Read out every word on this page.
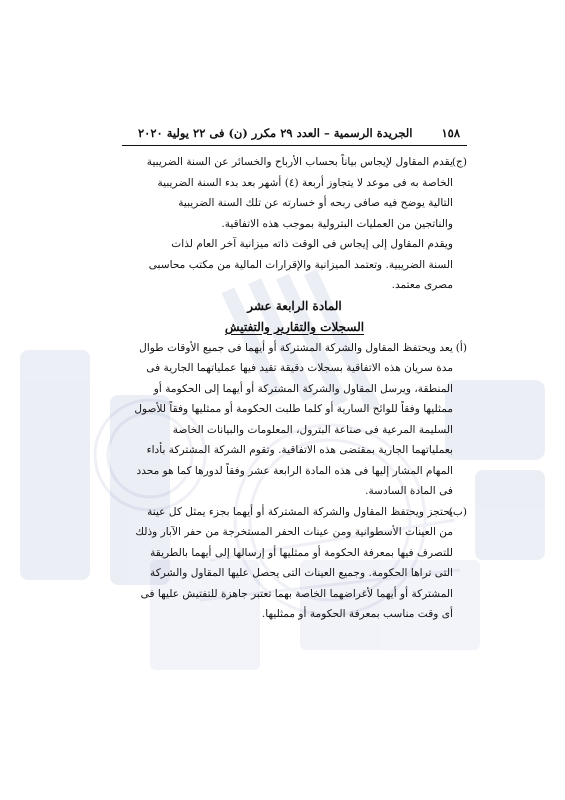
١٥٨
الجريدة الرسمية – العدد ٢٩ مكرر (ن) فى ٢٢ يولية ٢٠٢٠
(ج)
يقدم المقاول لإيجاس بياناً بحساب الأرباح والخسائر عن السنة الضريبية
الخاصة به فى موعد لا يتجاوز أربعة (٤) أشهر بعد بدء السنة الضريبية
التالية يوضح فيه صافى ربحه أو خسارته عن تلك السنة الضريبية
والناتجين من العمليات البترولية بموجب هذه الاتفاقية.
ويقدم المقاول إلى إيجاس فى الوقت ذاته ميزانية آخر العام لذات
السنة الضريبية. وتعتمد الميزانية والإقرارات المالية من مكتب محاسبى
مصرى معتمد.
المادة الرابعة عشر
السجلات والتقارير والتفتيش
(أ)
يعد ويحتفظ المقاول والشركة المشتركة أو أيهما فى جميع الأوقات طوال
مدة سريان هذه الاتفاقية بسجلات دقيقة تقيد فيها عملياتهما الجارية فى
المنطقة، ويرسل المقاول والشركة المشتركة أو أيهما إلى الحكومة أو
ممثليها وفقاً للوائح السارية أو كلما طلبت الحكومة أو ممثليها وفقاً للأصول
السليمة المرعية فى صناعة البترول، المعلومات والبيانات الخاصة
بعملياتهما الجارية بمقتضى هذه الاتفاقية. وتقوم الشركة المشتركة بأداء
المهام المشار إليها فى هذه المادة الرابعة عشر وفقاً لدورها كما هو محدد
فى المادة السادسة.
(ب)
يحتجز ويحتفظ المقاول والشركة المشتركة أو أيهما بجزء يمثل كل عينة
من العينات الأسطوانية ومن عينات الحفر المستخرجة من حفر الآبار وذلك
للتصرف فيها بمعرفة الحكومة أو ممثليها أو إرسالها إلى أيهما بالطريقة
التى تراها الحكومة. وجميع العينات التى يحصل عليها المقاول والشركة
المشتركة أو أيهما لأغراضهما الخاصة بهما تعتبر جاهزة للتفتيش عليها فى
أى وقت مناسب بمعرفة الحكومة أو ممثليها.
